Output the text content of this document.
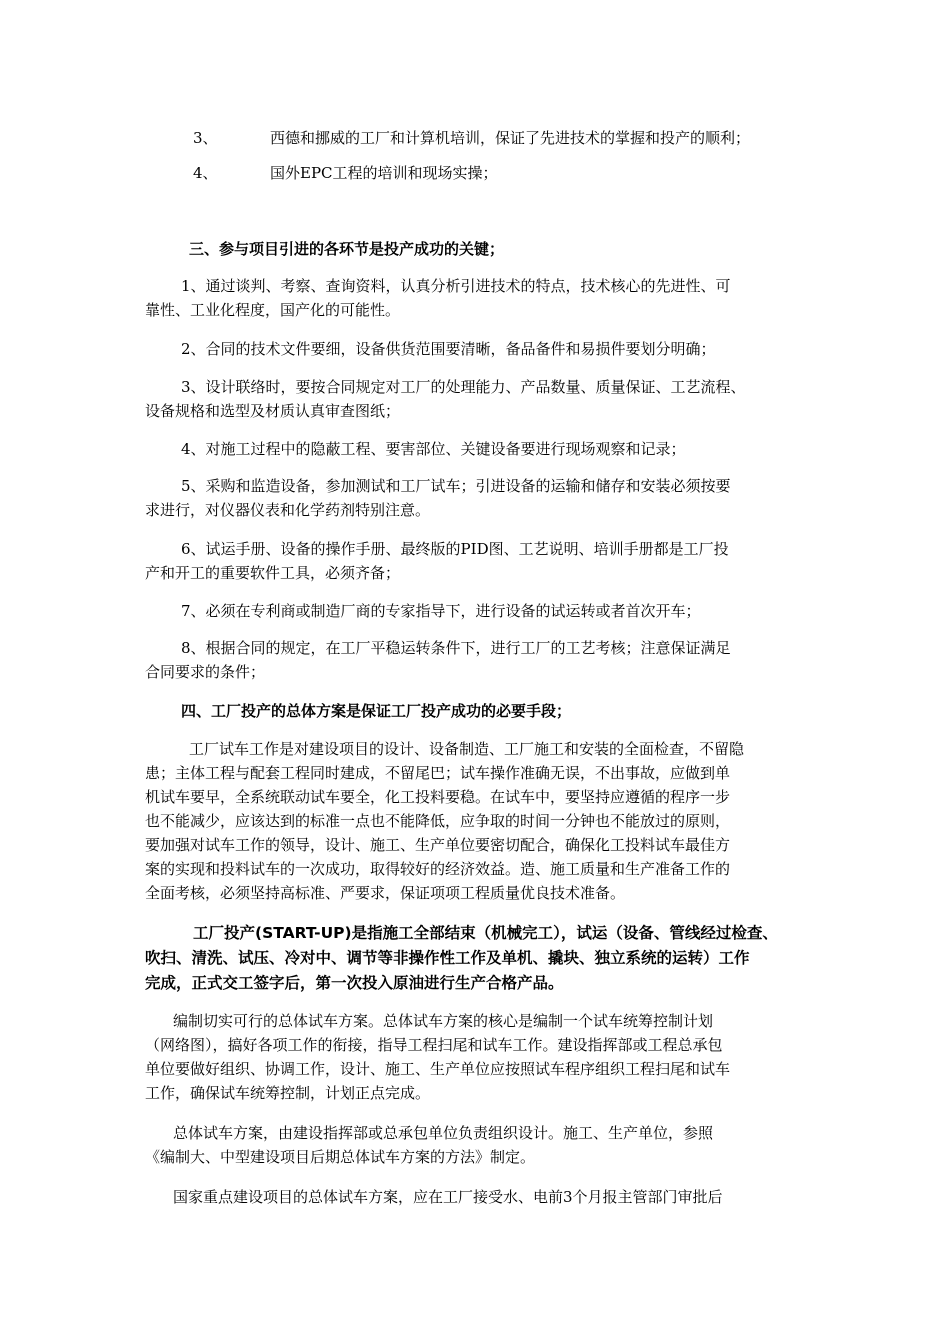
3、	西德和挪威的工厂和计算机培训，保证了先进技术的掌握和投产的顺利；
4、	国外EPC工程的培训和现场实操；
三、参与项目引进的各环节是投产成功的关键；
1、通过谈判、考察、查询资料，认真分析引进技术的特点，技术核心的先进性、可
靠性、工业化程度，国产化的可能性。
2、合同的技术文件要细，设备供货范围要清晰，备品备件和易损件要划分明确；
3、设计联络时，要按合同规定对工厂的处理能力、产品数量、质量保证、工艺流程、
设备规格和选型及材质认真审查图纸；
4、对施工过程中的隐蔽工程、要害部位、关键设备要进行现场观察和记录；
5、采购和监造设备，参加测试和工厂试车；引进设备的运输和储存和安装必须按要
求进行，对仪器仪表和化学药剂特别注意。
6、试运手册、设备的操作手册、最终版的PID图、工艺说明、培训手册都是工厂投
产和开工的重要软件工具，必须齐备；
7、必须在专利商或制造厂商的专家指导下，进行设备的试运转或者首次开车；
8、根据合同的规定，在工厂平稳运转条件下，进行工厂的工艺考核；注意保证满足
合同要求的条件；
四、工厂投产的总体方案是保证工厂投产成功的必要手段；
工厂试车工作是对建设项目的设计、设备制造、工厂施工和安装的全面检查，不留隐
患；主体工程与配套工程同时建成，不留尾巴；试车操作准确无误，不出事故，应做到单
机试车要早，全系统联动试车要全，化工投料要稳。在试车中，要坚持应遵循的程序一步
也不能减少，应该达到的标准一点也不能降低，应争取的时间一分钟也不能放过的原则，
要加强对试车工作的领导，设计、施工、生产单位要密切配合，确保化工投料试车最佳方
案的实现和投料试车的一次成功，取得较好的经济效益。造、施工质量和生产准备工作的
全面考核，必须坚持高标准、严要求，保证项项工程质量优良技术准备。
工厂投产(START-UP)是指施工全部结束（机械完工），试运（设备、管线经过检查、
吹扫、清洗、试压、冷对中、调节等非操作性工作及单机、撬块、独立系统的运转）工作
完成，正式交工签字后，第一次投入原油进行生产合格产品。
编制切实可行的总体试车方案。总体试车方案的核心是编制一个试车统筹控制计划
（网络图），搞好各项工作的衔接，指导工程扫尾和试车工作。建设指挥部或工程总承包
单位要做好组织、协调工作，设计、施工、生产单位应按照试车程序组织工程扫尾和试车
工作，确保试车统筹控制，计划正点完成。
总体试车方案，由建设指挥部或总承包单位负责组织设计。施工、生产单位，参照
《编制大、中型建设项目后期总体试车方案的方法》制定。
国家重点建设项目的总体试车方案，应在工厂接受水、电前3个月报主管部门审批后
